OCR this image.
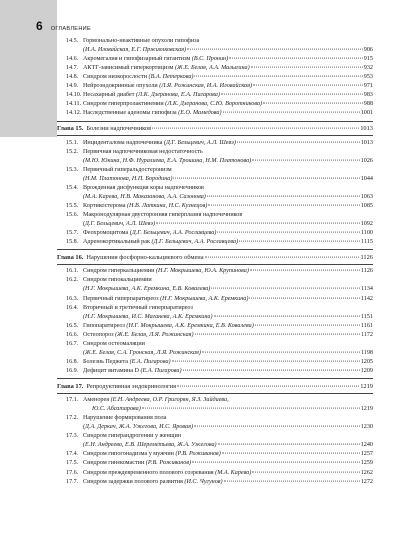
6 ОГЛАВЛЕНИЕ
14.5. Гормонально-неактивные опухоли гипофиза
(И.А. Иловайская, Е.Г. Пржиялковская)	906
14.6. Акромегалия и гипофизарный гигантизм
(В.С. Пронин)	915
14.7. АКТГ-зависимый гиперкортицизм
(Ж.Е. Белая, А.А. Малыгина)	932
14.8. Синдром низкорослости
(В.А. Петеркова)	953
14.9. Нейроэндокринные опухоли
(Л.Я. Рожинская, И.А. Иловайская)	971
14.10. Несахарный диабет
(Л.К. Дзеранова, Е.А. Пигарова)	983
14.11. Синдром гиперпролактинемии
(Л.К. Дзеранова, С.Ю. Воротникова)	988
14.12. Наследственные аденомы гипофиза
(Е.О. Мамедова)	1001
Глава 15. Болезни надпочечников	1013
15.1. Инциденталома надпочечника
(Д.Г. Бельцевич, А.Л. Шевэ)	1013
15.2. Первичная надпочечниковая недостаточность
(М.Ю. Юкина, Н.Ф. Нуралиева, Е.А. Трошина, Н.М. Платонова)	1026
15.3. Первичный гиперальдостеронизм
(Н.М. Платонова, Н.П. Бородина)	1044
15.4. Врожденная дисфункция коры надпочечников
(М.А. Карева, Н.В. Маказанова, А.А. Сазонова)	1063
15.5. Кортикостерома
(Н.В. Латкина, Н.С. Кузнецов)	1085
15.6. Макронодулярная двусторонняя гиперплазия надпочечников
(Д.Г. Бельцевич, А.Л. Шевэ)	1092
15.7. Феохромоцитома
(Д.Г. Бельцевич, А.А. Рославцева)	1100
15.8. Адренокортикальный рак
(Д.Г. Бельцевич, А.А. Рославцева)	1115
Глава 16. Нарушения фосфорно-кальциевого обмена	1126
16.1. Синдром гиперкальциемии
(Н.Г. Мокрышева, Ю.А. Крупинова)	1126
16.2. Синдром гипокальциемии
(Н.Г. Мокрышева, А.К. Еремкина, Е.В. Ковалева)	1134
16.3. Первичный гиперпаратиреоз
(Н.Г. Мокрышева, А.К. Еремкина)	1142
16.4. Вторичный и третичный гиперпаратиреоз
(Н.Г. Мокрышева, И.С. Маганева, А.К. Еремкина)	1151
16.5. Гипопаратиреоз
(Н.Г. Мокрышева, А.К. Еремкина, Е.В. Ковалева)	1161
16.6. Остеопороз
(Ж.Е. Белая, Л.Я. Рожинская)	1172
16.7. Синдром остеомаляции
(Ж.Е. Белая, С.А. Гронская, Л.Я. Рожинская)	1198
16.8. Болезнь Педжета
(Е.А. Пигарова)	1205
16.9. Дефицит витамина D
(Е.А. Пигарова)	1209
Глава 17. Репродуктивная эндокринология	1219
17.1. Аменорея
(Е.Н. Андреева, О.Р. Григорян, Я.З. Зайдиева,
Ю.С. Абсатарова)	1219
17.2. Нарушение формирования пола
(Д.А. Деркач, Ж.А. Ужегова, И.С. Яровая)	1230
17.3. Синдром гиперандрогении у женщин
(Е.Н. Андреева, Е.В. Шереметьева, Ж.А. Ужегова)	1240
17.4. Синдром гипогонадизма у мужчин
(Р.В. Роживанов)	1257
17.5. Синдром гинекомастии
(Р.В. Роживанов)	1259
17.6. Синдром преждевременного полового созревания
(М.А. Карева)	1262
17.7. Синдром задержки полового развития
(И.С. Чугунов)	1272
